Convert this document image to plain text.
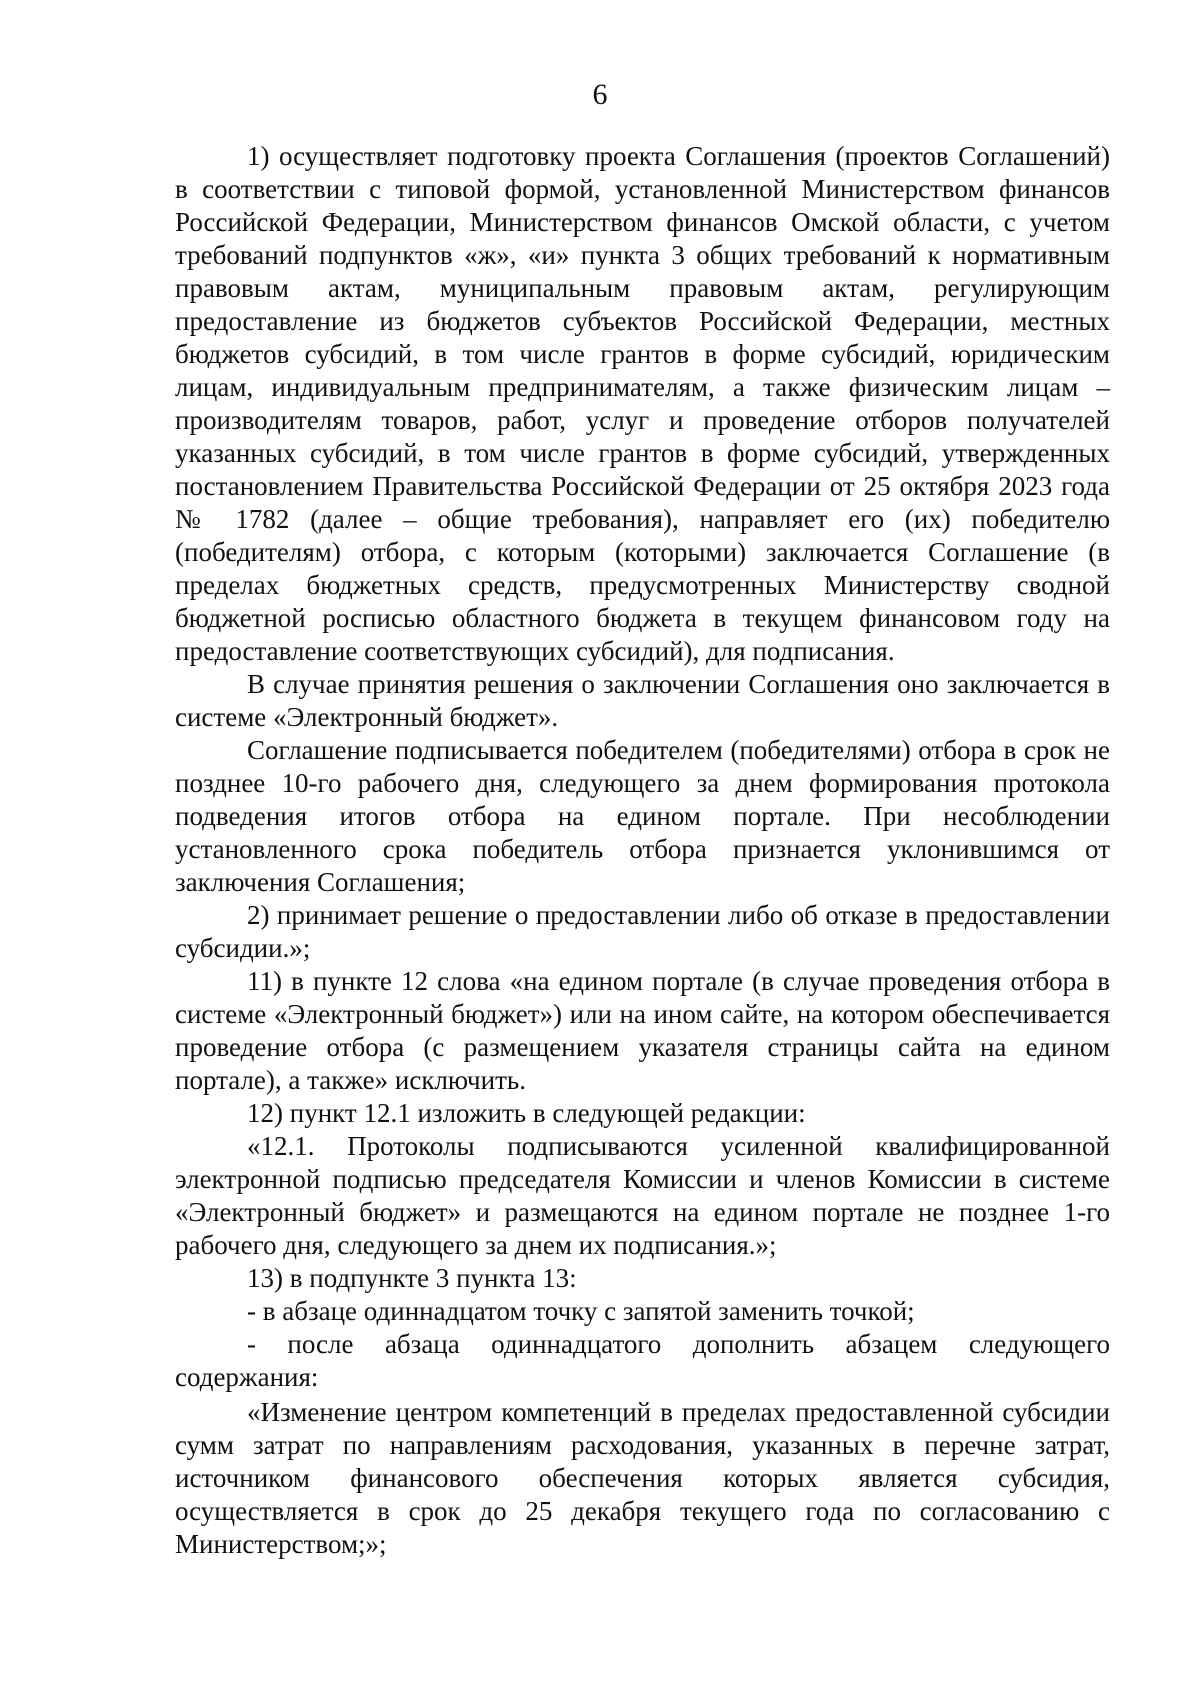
6

1) осуществляет подготовку проекта Соглашения (проектов Соглашений) в соответствии с типовой формой, установленной Министерством финансов Российской Федерации, Министерством финансов Омской области, с учетом требований подпунктов «ж», «и» пункта 3 общих требований к нормативным правовым актам, муниципальным правовым актам, регулирующим предоставление из бюджетов субъектов Российской Федерации, местных бюджетов субсидий, в том числе грантов в форме субсидий, юридическим лицам, индивидуальным предпринимателям, а также физическим лицам – производителям товаров, работ, услуг и проведение отборов получателей указанных субсидий, в том числе грантов в форме субсидий, утвержденных постановлением Правительства Российской Федерации от 25 октября 2023 года № 1782 (далее – общие требования), направляет его (их) победителю (победителям) отбора, с которым (которыми) заключается Соглашение (в пределах бюджетных средств, предусмотренных Министерству сводной бюджетной росписью областного бюджета в текущем финансовом году на предоставление соответствующих субсидий), для подписания.

В случае принятия решения о заключении Соглашения оно заключается в системе «Электронный бюджет».

Соглашение подписывается победителем (победителями) отбора в срок не позднее 10-го рабочего дня, следующего за днем формирования протокола подведения итогов отбора на едином портале. При несоблюдении установленного срока победитель отбора признается уклонившимся от заключения Соглашения;

2) принимает решение о предоставлении либо об отказе в предоставлении субсидии.»;

11) в пункте 12 слова «на едином портале (в случае проведения отбора в системе «Электронный бюджет») или на ином сайте, на котором обеспечивается проведение отбора (с размещением указателя страницы сайта на едином портале), а также» исключить.

12) пункт 12.1 изложить в следующей редакции:

«12.1. Протоколы подписываются усиленной квалифицированной электронной подписью председателя Комиссии и членов Комиссии в системе «Электронный бюджет» и размещаются на едином портале не позднее 1-го рабочего дня, следующего за днем их подписания.»;

13) в подпункте 3 пункта 13:

- в абзаце одиннадцатом точку с запятой заменить точкой;

- после абзаца одиннадцатого дополнить абзацем следующего содержания:

«Изменение центром компетенций в пределах предоставленной субсидии сумм затрат по направлениям расходования, указанных в перечне затрат, источником финансового обеспечения которых является субсидия, осуществляется в срок до 25 декабря текущего года по согласованию с Министерством;»;
